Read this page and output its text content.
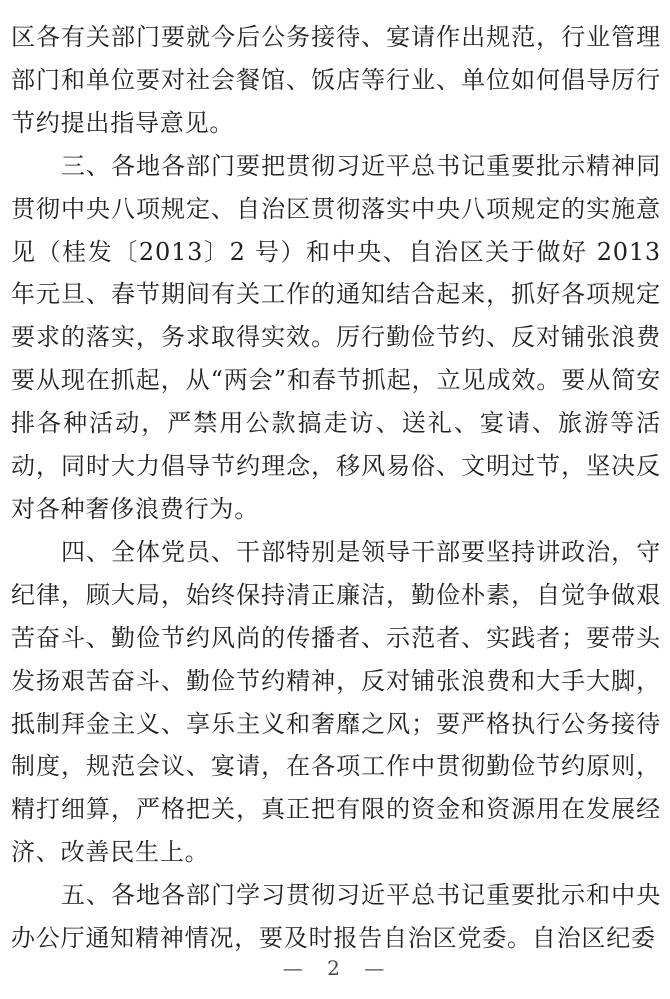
区各有关部门要就今后公务接待、宴请作出规范，行业管理部门和单位要对社会餐馆、饭店等行业、单位如何倡导厉行节约提出指导意见。

三、各地各部门要把贯彻习近平总书记重要批示精神同贯彻中央八项规定、自治区贯彻落实中央八项规定的实施意见（桂发〔2013〕2 号）和中央、自治区关于做好 2013 年元旦、春节期间有关工作的通知结合起来，抓好各项规定要求的落实，务求取得实效。厉行勤俭节约、反对铺张浪费要从现在抓起，从“两会”和春节抓起，立见成效。要从简安排各种活动，严禁用公款搞走访、送礼、宴请、旅游等活动，同时大力倡导节约理念，移风易俗、文明过节，坚决反对各种奢侈浪费行为。

四、全体党员、干部特别是领导干部要坚持讲政治，守纪律，顾大局，始终保持清正廉洁，勤俭朴素，自觉争做艰苦奋斗、勤俭节约风尚的传播者、示范者、实践者；要带头发扬艰苦奋斗、勤俭节约精神，反对铺张浪费和大手大脚，抵制拜金主义、享乐主义和奢靡之风；要严格执行公务接待制度，规范会议、宴请，在各项工作中贯彻勤俭节约原则，精打细算，严格把关，真正把有限的资金和资源用在发展经济、改善民生上。

五、各地各部门学习贯彻习近平总书记重要批示和中央办公厅通知精神情况，要及时报告自治区党委。自治区纪委

— 2 —
